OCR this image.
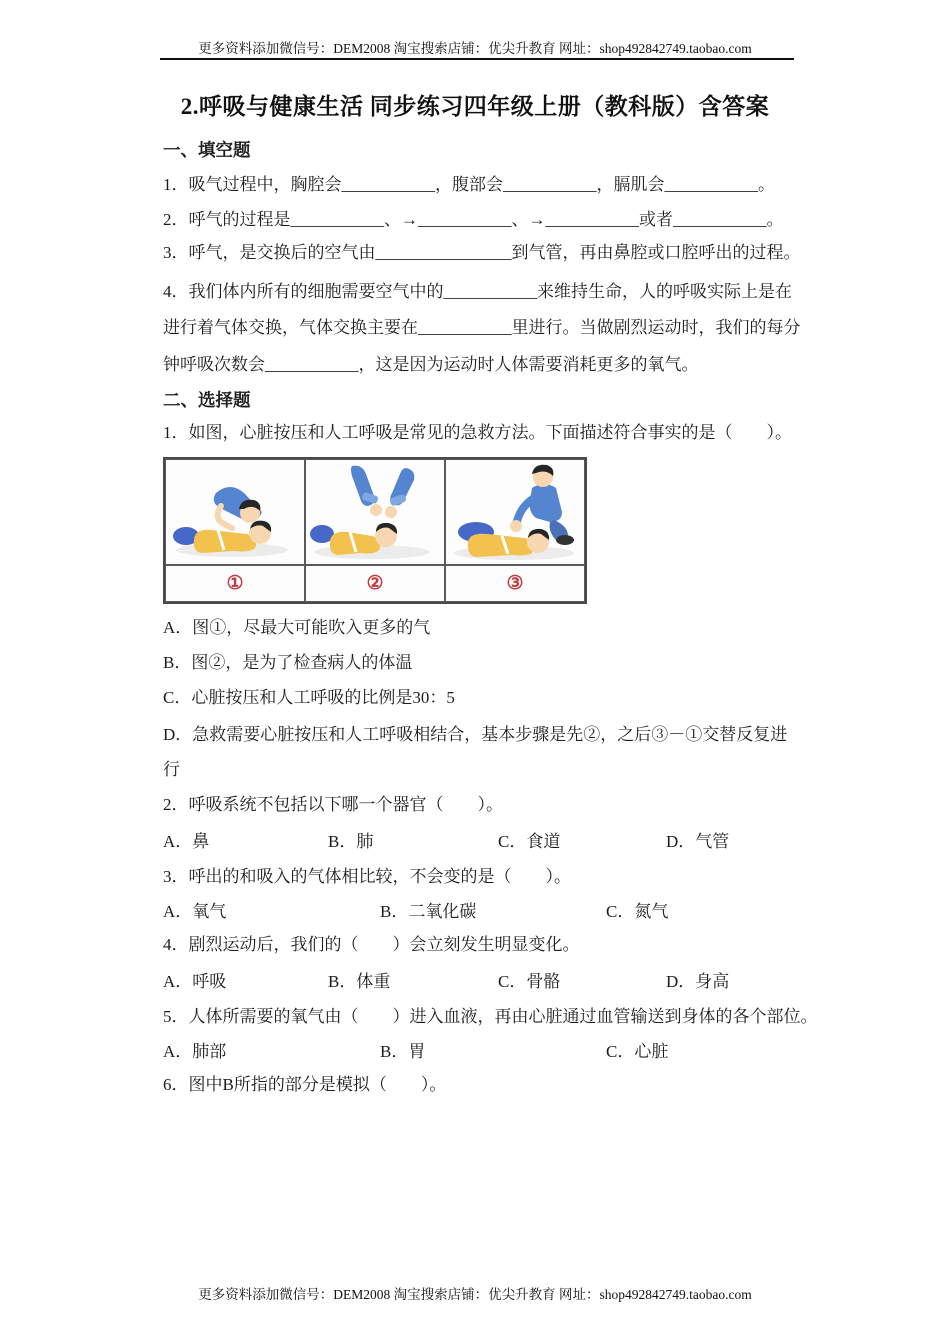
更多资料添加微信号：DEM2008 淘宝搜索店铺：优尖升教育 网址：shop492842749.taobao.com
2.呼吸与健康生活 同步练习四年级上册（教科版）含答案
一、填空题
1．吸气过程中，胸腔会___________，腹部会___________，膈肌会___________。
2．呼气的过程是___________、→___________、→___________或者___________。
3．呼气，是交换后的空气由________________到气管，再由鼻腔或口腔呼出的过程。
4．我们体内所有的细胞需要空气中的___________来维持生命，人的呼吸实际上是在
进行着气体交换，气体交换主要在___________里进行。当做剧烈运动时，我们的每分
钟呼吸次数会___________，这是因为运动时人体需要消耗更多的氧气。
二、选择题
1．如图，心脏按压和人工呼吸是常见的急救方法。下面描述符合事实的是（　　）。
①	②	③
A．图①，尽最大可能吹入更多的气
B．图②，是为了检查病人的体温
C．心脏按压和人工呼吸的比例是30：5
D．急救需要心脏按压和人工呼吸相结合，基本步骤是先②，之后③－①交替反复进
行
2．呼吸系统不包括以下哪一个器官（　　）。
A．鼻	B．肺	C．食道	D．气管
3．呼出的和吸入的气体相比较，不会变的是（　　）。
A．氧气	B．二氧化碳	C．氮气
4．剧烈运动后，我们的（　　）会立刻发生明显变化。
A．呼吸	B．体重	C．骨骼	D．身高
5．人体所需要的氧气由（　　）进入血液，再由心脏通过血管输送到身体的各个部位。
A．肺部	B．胃	C．心脏
6．图中B所指的部分是模拟（　　）。
更多资料添加微信号：DEM2008 淘宝搜索店铺：优尖升教育 网址：shop492842749.taobao.com
